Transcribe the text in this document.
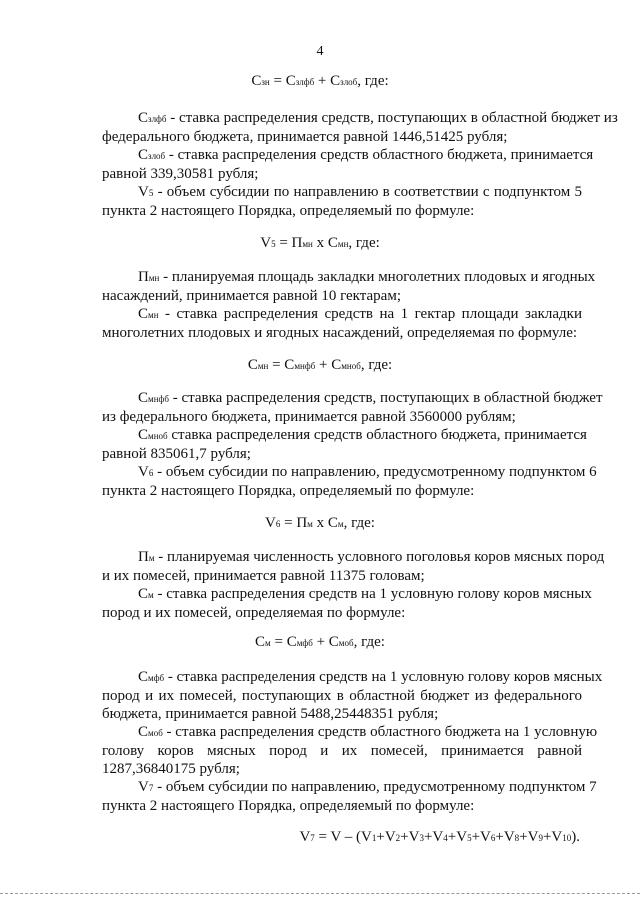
4
Сзн = Сзлфб + Сзлоб, где:
Сзлфб - ставка распределения средств, поступающих в областной бюджет из
федерального бюджета, принимается равной 1446,51425 рубля;
Сзлоб - ставка распределения средств областного бюджета, принимается
равной 339,30581 рубля;
V5 - объем субсидии по направлению в соответствии с подпунктом 5
пункта 2 настоящего Порядка, определяемый по формуле:
V5 = Пмн x Смн, где:
Пмн - планируемая площадь закладки многолетних плодовых и ягодных
насаждений, принимается равной 10 гектарам;
Смн - ставка распределения средств на 1 гектар площади закладки
многолетних плодовых и ягодных насаждений, определяемая по формуле:
Смн = Смнфб + Смноб, где:
Смнфб - ставка распределения средств, поступающих в областной бюджет
из федерального бюджета, принимается равной 3560000 рублям;
Смноб ставка распределения средств областного бюджета, принимается
равной 835061,7 рубля;
V6 - объем субсидии по направлению, предусмотренному подпунктом 6
пункта 2 настоящего Порядка, определяемый по формуле:
V6 = Пм x См, где:
Пм - планируемая численность условного поголовья коров мясных пород
и их помесей, принимается равной 11375 головам;
См - ставка распределения средств на 1 условную голову коров мясных
пород и их помесей, определяемая по формуле:
См = Смфб + Смоб, где:
Смфб - ставка распределения средств на 1 условную голову коров мясных
пород и их помесей, поступающих в областной бюджет из федерального
бюджета, принимается равной 5488,25448351 рубля;
Смоб - ставка распределения средств областного бюджета на 1 условную
голову коров мясных пород и их помесей, принимается равной
1287,36840175 рубля;
V7 - объем субсидии по направлению, предусмотренному подпунктом 7
пункта 2 настоящего Порядка, определяемый по формуле:
V7 = V – (V1+V2+V3+V4+V5+V6+V8+V9+V10).
